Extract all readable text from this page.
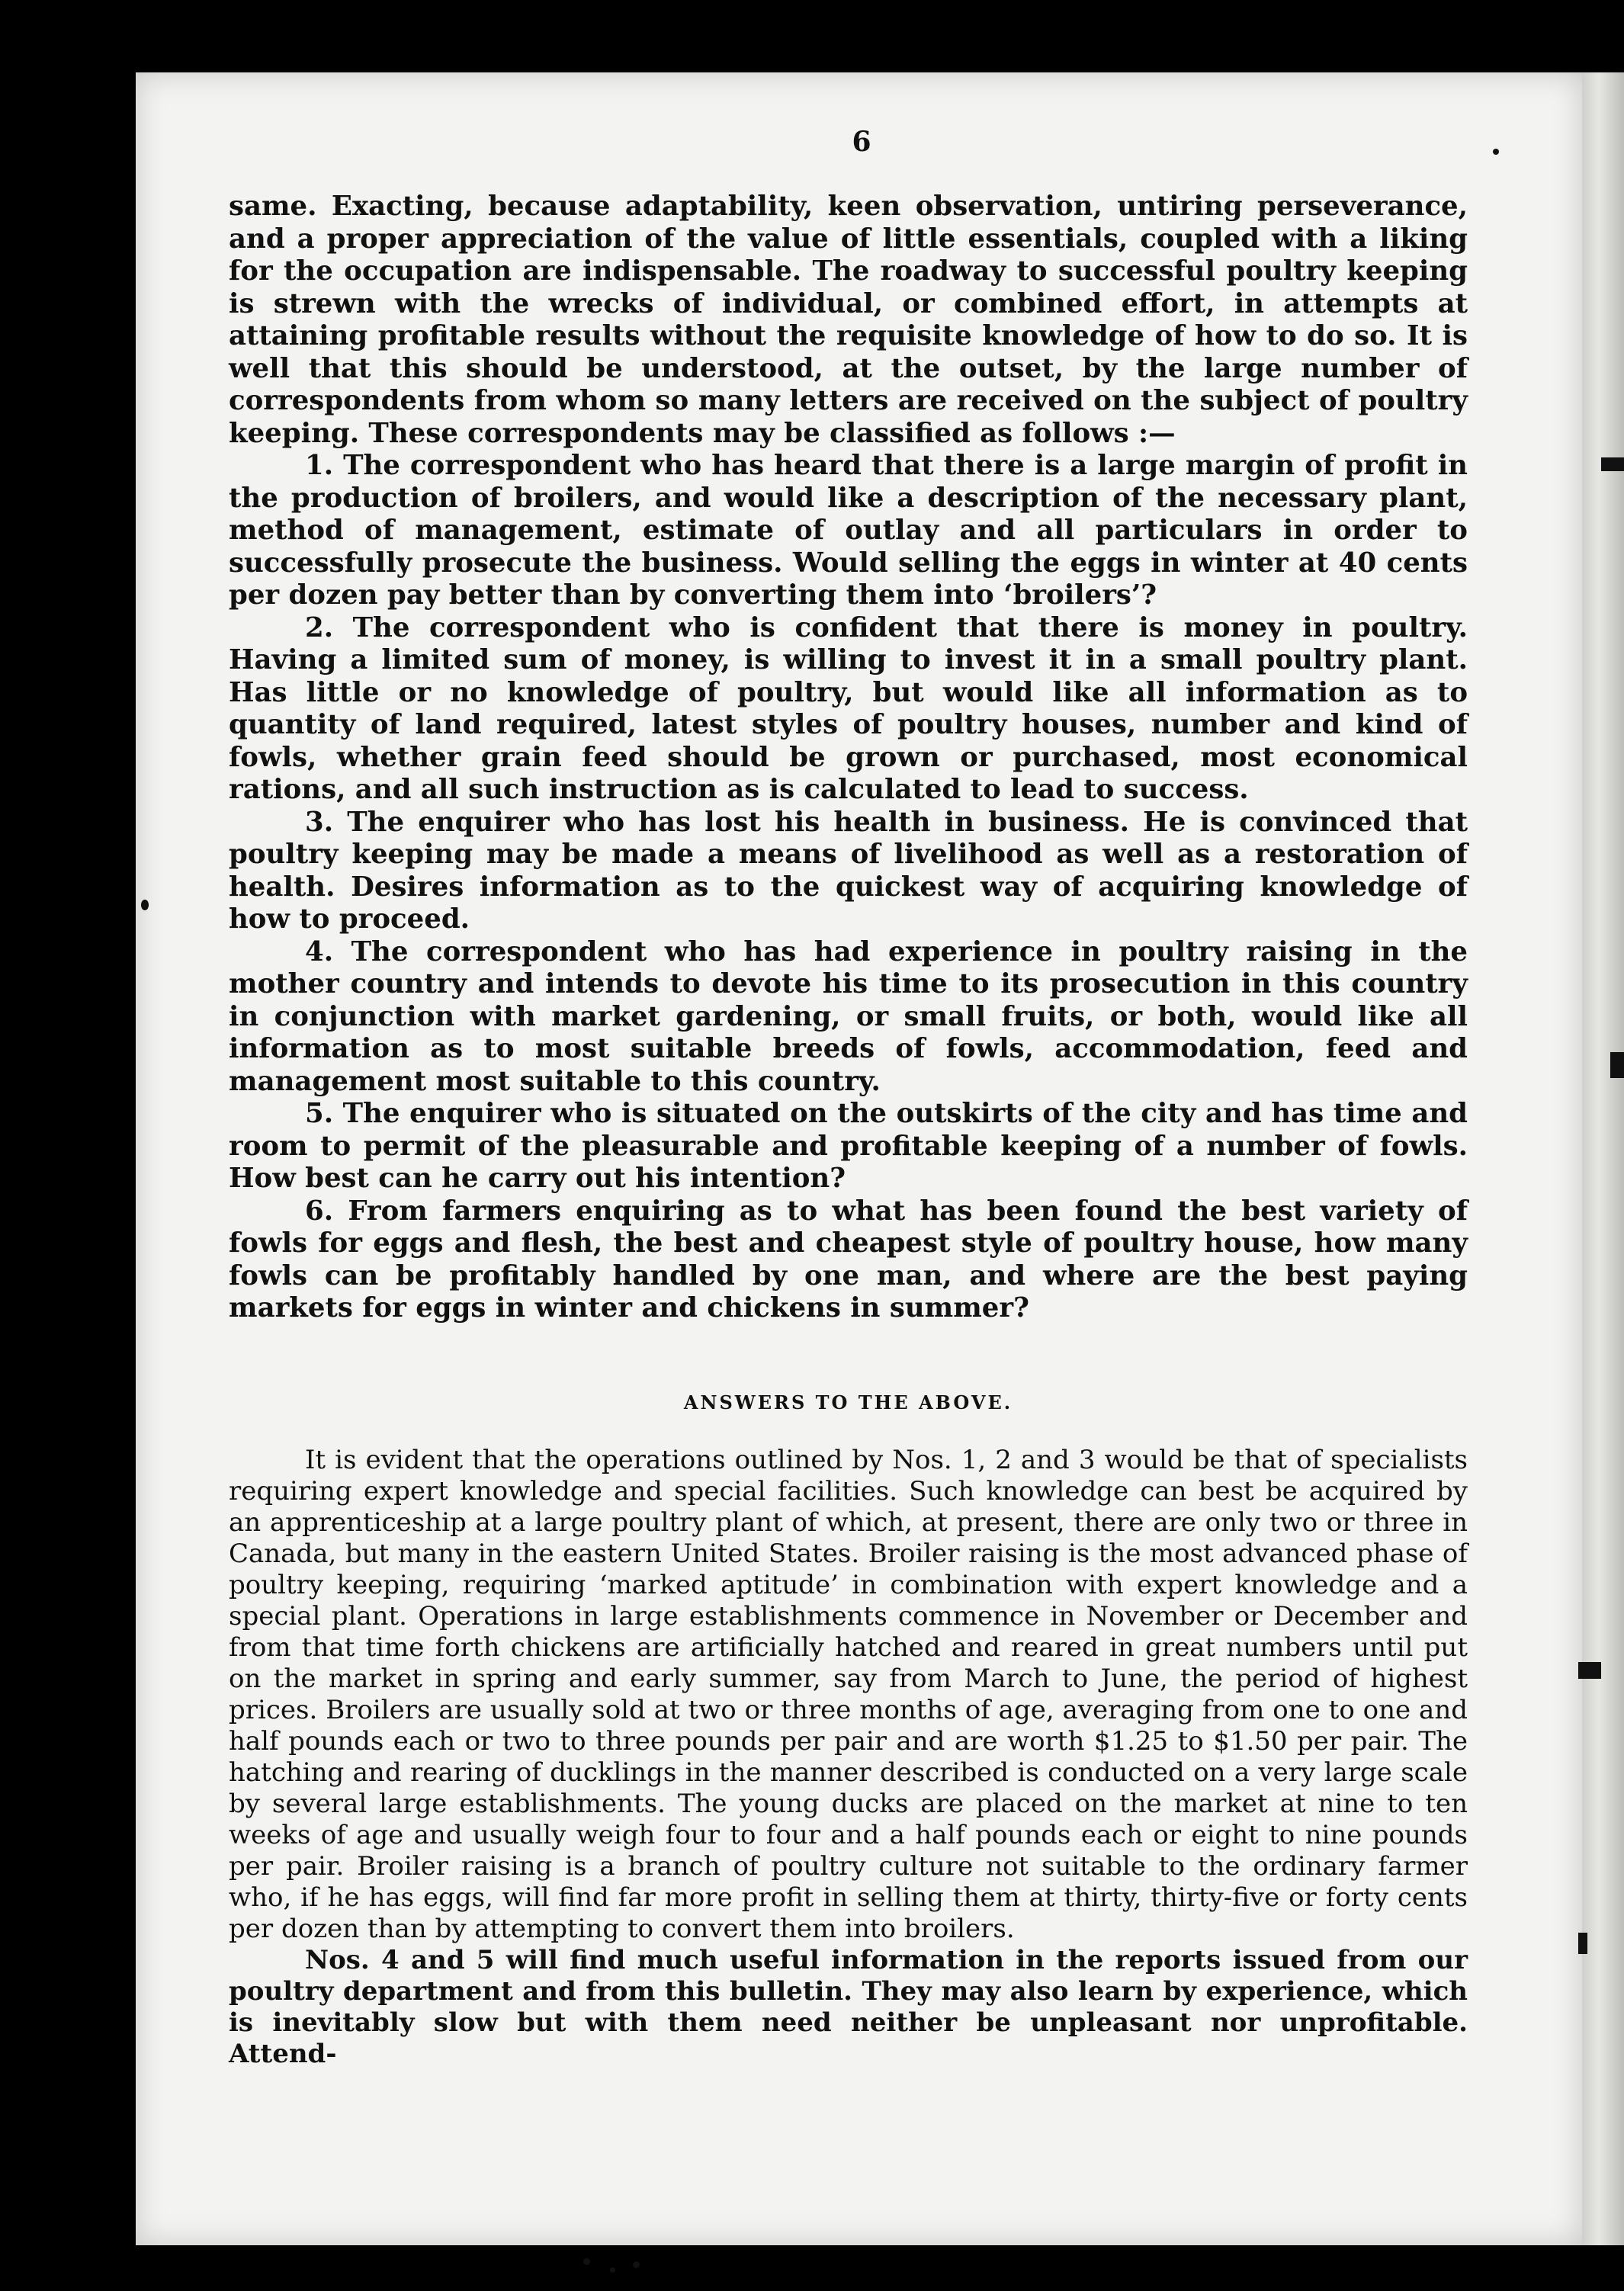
6

same. Exacting, because adaptability, keen observation, untiring perseverance, and a proper appreciation of the value of little essentials, coupled with a liking for the occupation are indispensable. The roadway to successful poultry keeping is strewn with the wrecks of individual, or combined effort, in attempts at attaining profitable results without the requisite knowledge of how to do so. It is well that this should be understood, at the outset, by the large number of correspondents from whom so many letters are received on the subject of poultry keeping. These correspondents may be classified as follows :—

1. The correspondent who has heard that there is a large margin of profit in the production of broilers, and would like a description of the necessary plant, method of management, estimate of outlay and all particulars in order to successfully prosecute the business. Would selling the eggs in winter at 40 cents per dozen pay better than by converting them into ‘broilers’?

2. The correspondent who is confident that there is money in poultry. Having a limited sum of money, is willing to invest it in a small poultry plant. Has little or no knowledge of poultry, but would like all information as to quantity of land required, latest styles of poultry houses, number and kind of fowls, whether grain feed should be grown or purchased, most economical rations, and all such instruction as is calculated to lead to success.

3. The enquirer who has lost his health in business. He is convinced that poultry keeping may be made a means of livelihood as well as a restoration of health. Desires information as to the quickest way of acquiring knowledge of how to proceed.

4. The correspondent who has had experience in poultry raising in the mother country and intends to devote his time to its prosecution in this country in conjunction with market gardening, or small fruits, or both, would like all information as to most suitable breeds of fowls, accommodation, feed and management most suitable to this country.

5. The enquirer who is situated on the outskirts of the city and has time and room to permit of the pleasurable and profitable keeping of a number of fowls. How best can he carry out his intention?

6. From farmers enquiring as to what has been found the best variety of fowls for eggs and flesh, the best and cheapest style of poultry house, how many fowls can be profitably handled by one man, and where are the best paying markets for eggs in winter and chickens in summer?

ANSWERS TO THE ABOVE.

It is evident that the operations outlined by Nos. 1, 2 and 3 would be that of specialists requiring expert knowledge and special facilities. Such knowledge can best be acquired by an apprenticeship at a large poultry plant of which, at present, there are only two or three in Canada, but many in the eastern United States. Broiler raising is the most advanced phase of poultry keeping, requiring ‘marked aptitude’ in combination with expert knowledge and a special plant. Operations in large establishments commence in November or December and from that time forth chickens are artificially hatched and reared in great numbers until put on the market in spring and early summer, say from March to June, the period of highest prices. Broilers are usually sold at two or three months of age, averaging from one to one and half pounds each or two to three pounds per pair and are worth $1.25 to $1.50 per pair. The hatching and rearing of ducklings in the manner described is conducted on a very large scale by several large establishments. The young ducks are placed on the market at nine to ten weeks of age and usually weigh four to four and a half pounds each or eight to nine pounds per pair. Broiler raising is a branch of poultry culture not suitable to the ordinary farmer who, if he has eggs, will find far more profit in selling them at thirty, thirty-five or forty cents per dozen than by attempting to convert them into broilers.

Nos. 4 and 5 will find much useful information in the reports issued from our poultry department and from this bulletin. They may also learn by experience, which is inevitably slow but with them need neither be unpleasant nor unprofitable. Attend-
